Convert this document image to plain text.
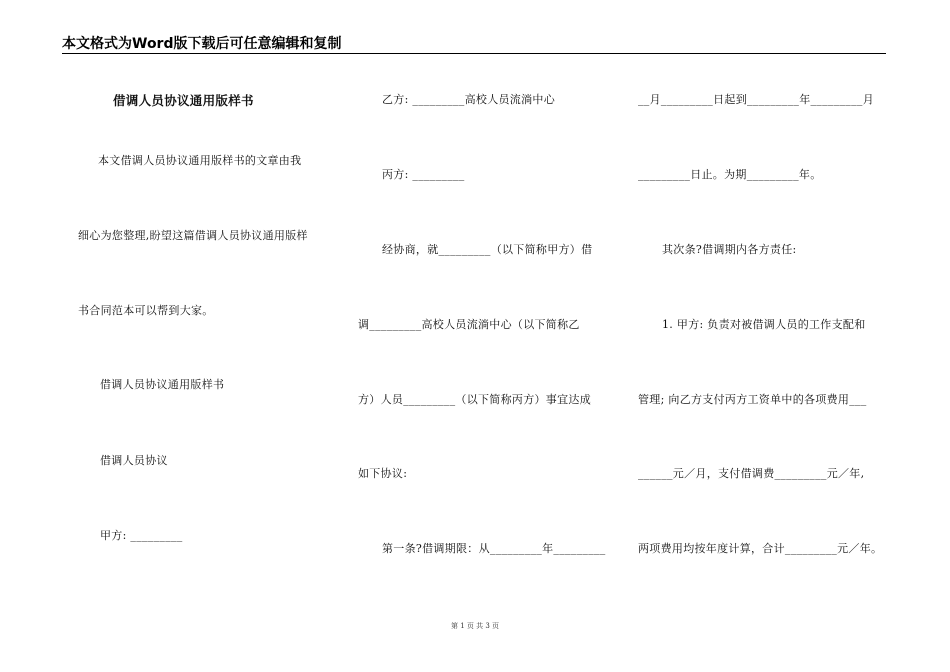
本文格式为Word版下载后可任意编辑和复制
借调人员协议通用版样书
本文借调人员协议通用版样书的文章由我
细心为您整理,盼望这篇借调人员协议通用版样
书合同范本可以帮到大家。
借调人员协议通用版样书
借调人员协议
甲方: _________
乙方: _________高校人员流淌中心
丙方: _________
经协商，就_________（以下简称甲方）借
调_________高校人员流淌中心（以下简称乙
方）人员_________（以下简称丙方）事宜达成
如下协议:
第一条?借调期限：从_________年_________
__月_________日起到_________年_________月
_________日止。为期_________年。
其次条?借调期内各方责任:
1. 甲方: 负责对被借调人员的工作支配和
管理; 向乙方支付丙方工资单中的各项费用___
______元／月，支付借调费_________元／年,
两项费用均按年度计算，合计_________元／年。
第 1 页 共 3 页
